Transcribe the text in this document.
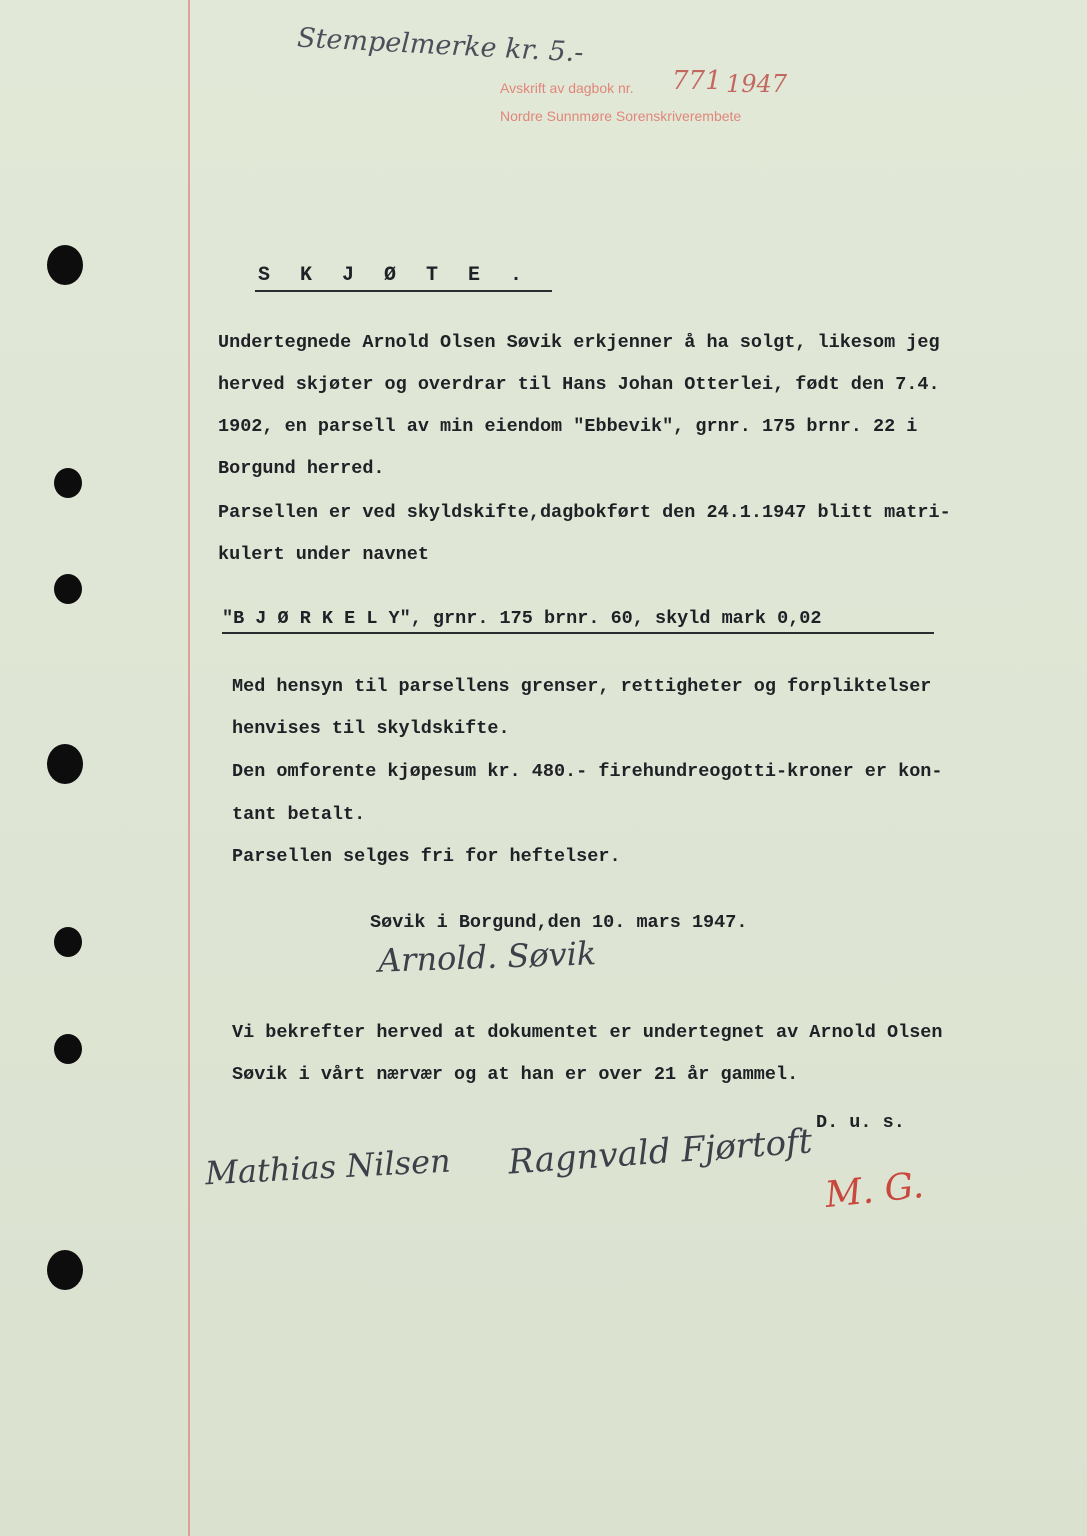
Stempelmerke kr. 5.-
Avskrift av dagbok nr. 771 1947
Nordre Sunnmøre Sorenskriverembete
S K J Ø T E .
Undertegnede Arnold Olsen Søvik erkjenner å ha solgt, likesom jeg
herved skjøter og overdrar til Hans Johan Otterlei, født den 7.4.
1902, en parsell av min eiendom "Ebbevik", grnr. 175 brnr. 22 i
Borgund herred.
Parsellen er ved skyldskifte,dagbokført den 24.1.1947 blitt matri-
kulert under navnet
"B J Ø R K E L Y", grnr. 175 brnr. 60, skyld mark 0,02
Med hensyn til parsellens grenser, rettigheter og forpliktelser
henvises til skyldskifte.
Den omforente kjøpesum kr. 480.- firehundreogotti-kroner er kon-
tant betalt.
Parsellen selges fri for heftelser.
Søvik i Borgund,den 10. mars 1947.
Arnold. Søvik
Vi bekrefter herved at dokumentet er undertegnet av Arnold Olsen
Søvik i vårt nærvær og at han er over 21 år gammel.
D. u. s.
Mathias Nilsen Ragnvald Fjørtoft
M. G.
